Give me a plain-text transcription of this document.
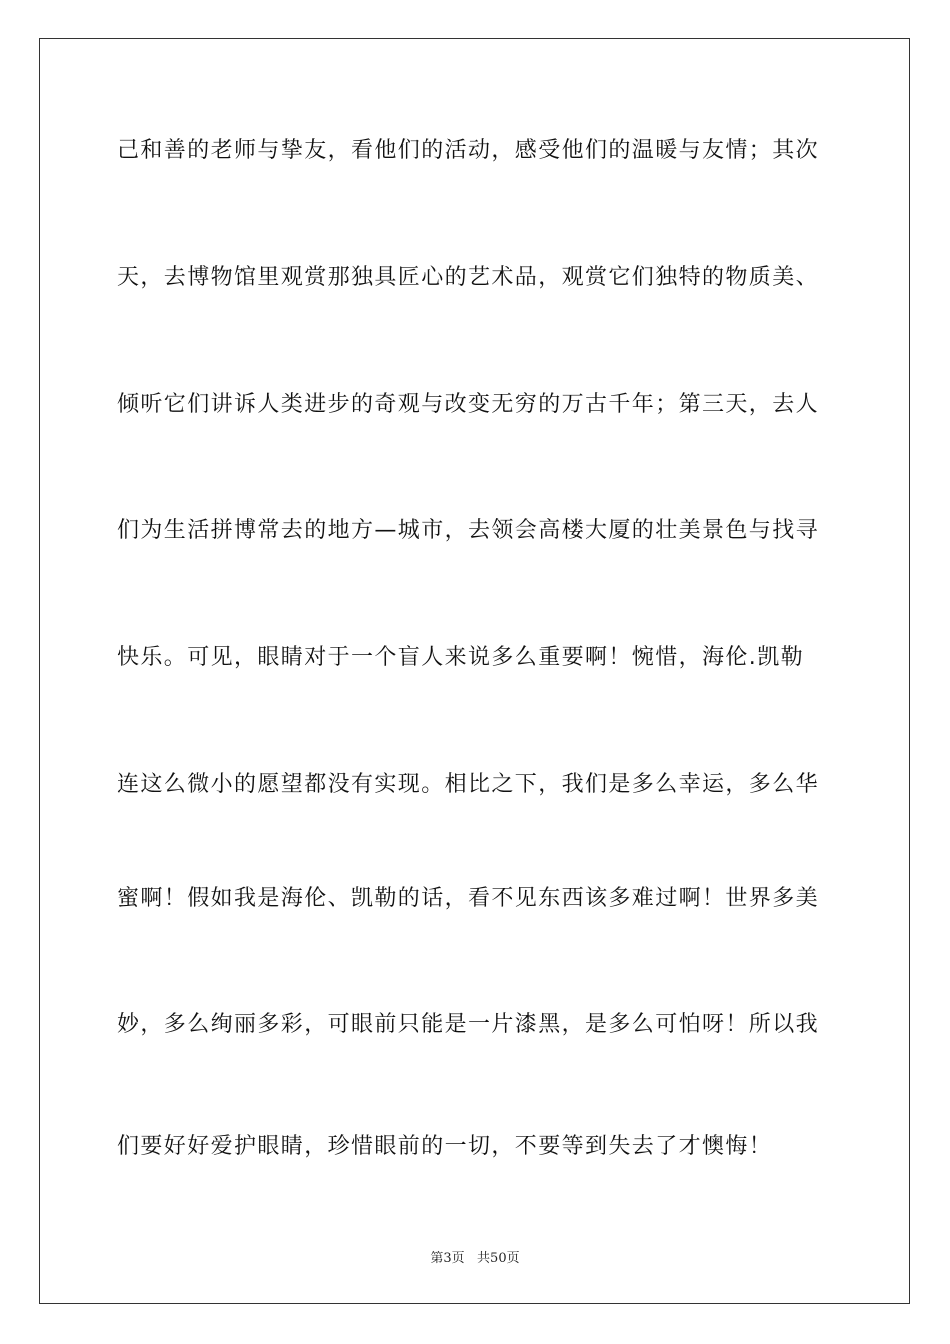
己和善的老师与挚友，看他们的活动，感受他们的温暖与友情；其次
天，去博物馆里观赏那独具匠心的艺术品，观赏它们独特的物质美、
倾听它们讲诉人类进步的奇观与改变无穷的万古千年；第三天，去人
们为生活拼博常去的地方—城市，去领会高楼大厦的壮美景色与找寻
快乐。可见，眼睛对于一个盲人来说多么重要啊！惋惜，海伦.凯勒
连这么微小的愿望都没有实现。相比之下，我们是多么幸运，多么华
蜜啊！假如我是海伦、凯勒的话，看不见东西该多难过啊！世界多美
妙，多么绚丽多彩，可眼前只能是一片漆黑，是多么可怕呀！所以我
们要好好爱护眼睛，珍惜眼前的一切，不要等到失去了才懊悔！
第3页   共50页
